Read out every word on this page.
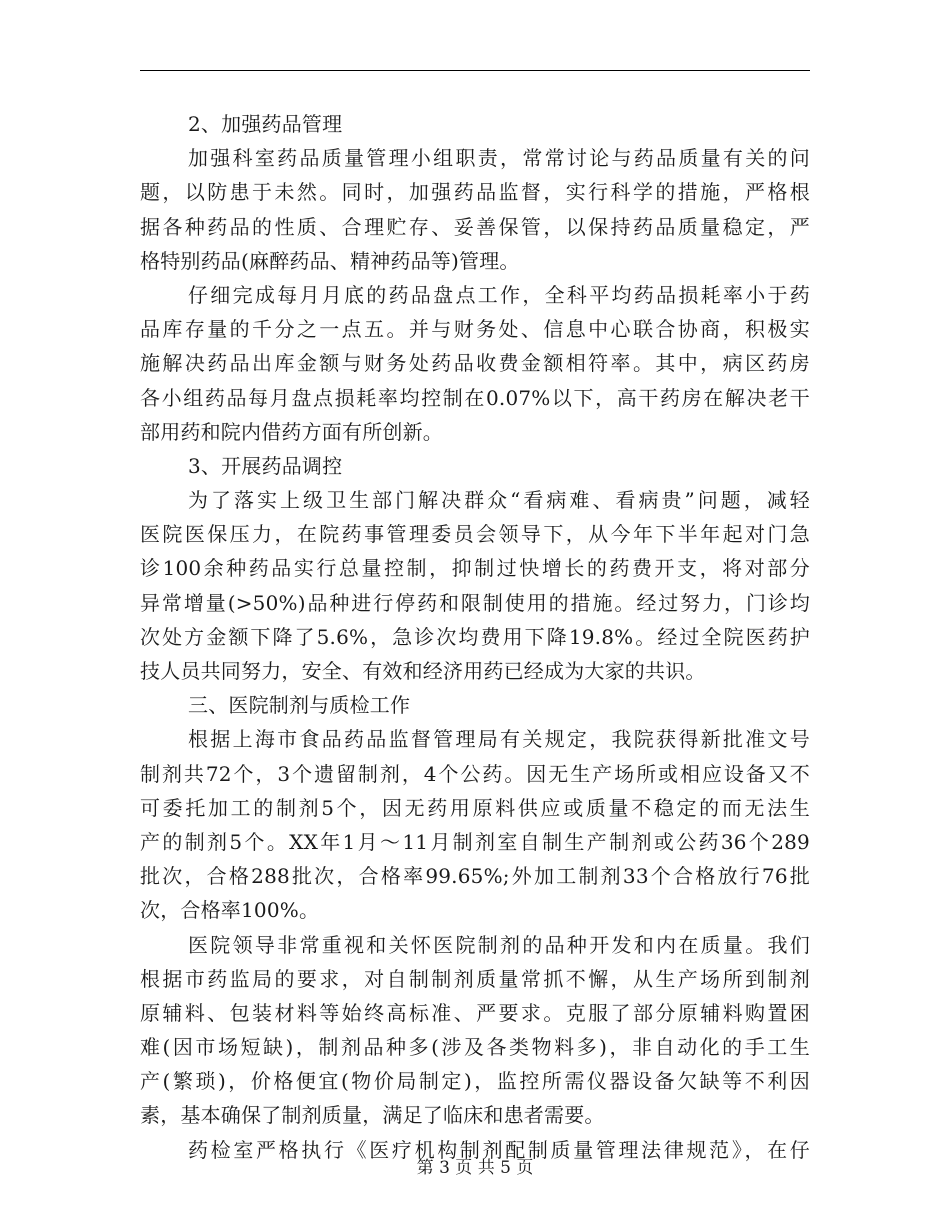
2、加强药品管理
加强科室药品质量管理小组职责，常常讨论与药品质量有关的问
题，以防患于未然。同时，加强药品监督，实行科学的措施，严格根
据各种药品的性质、合理贮存、妥善保管，以保持药品质量稳定，严
格特别药品(麻醉药品、精神药品等)管理。
仔细完成每月月底的药品盘点工作，全科平均药品损耗率小于药
品库存量的千分之一点五。并与财务处、信息中心联合协商，积极实
施解决药品出库金额与财务处药品收费金额相符率。其中，病区药房
各小组药品每月盘点损耗率均控制在0.07%以下，高干药房在解决老干
部用药和院内借药方面有所创新。
3、开展药品调控
为了落实上级卫生部门解决群众“看病难、看病贵”问题，减轻
医院医保压力，在院药事管理委员会领导下，从今年下半年起对门急
诊100余种药品实行总量控制，抑制过快增长的药费开支，将对部分
异常增量(>50%)品种进行停药和限制使用的措施。经过努力，门诊均
次处方金额下降了5.6%，急诊次均费用下降19.8%。经过全院医药护
技人员共同努力，安全、有效和经济用药已经成为大家的共识。
三、医院制剂与质检工作
根据上海市食品药品监督管理局有关规定，我院获得新批准文号
制剂共72个，3个遗留制剂，4个公药。因无生产场所或相应设备又不
可委托加工的制剂5个，因无药用原料供应或质量不稳定的而无法生
产的制剂5个。XX年1月～11月制剂室自制生产制剂或公药36个289
批次，合格288批次，合格率99.65%;外加工制剂33个合格放行76批
次，合格率100%。
医院领导非常重视和关怀医院制剂的品种开发和内在质量。我们
根据市药监局的要求，对自制制剂质量常抓不懈，从生产场所到制剂
原辅料、包装材料等始终高标准、严要求。克服了部分原辅料购置困
难(因市场短缺)，制剂品种多(涉及各类物料多)，非自动化的手工生
产(繁琐)，价格便宜(物价局制定)，监控所需仪器设备欠缺等不利因
素，基本确保了制剂质量，满足了临床和患者需要。
药检室严格执行《医疗机构制剂配制质量管理法律规范》，在仔
第 3 页 共 5 页
